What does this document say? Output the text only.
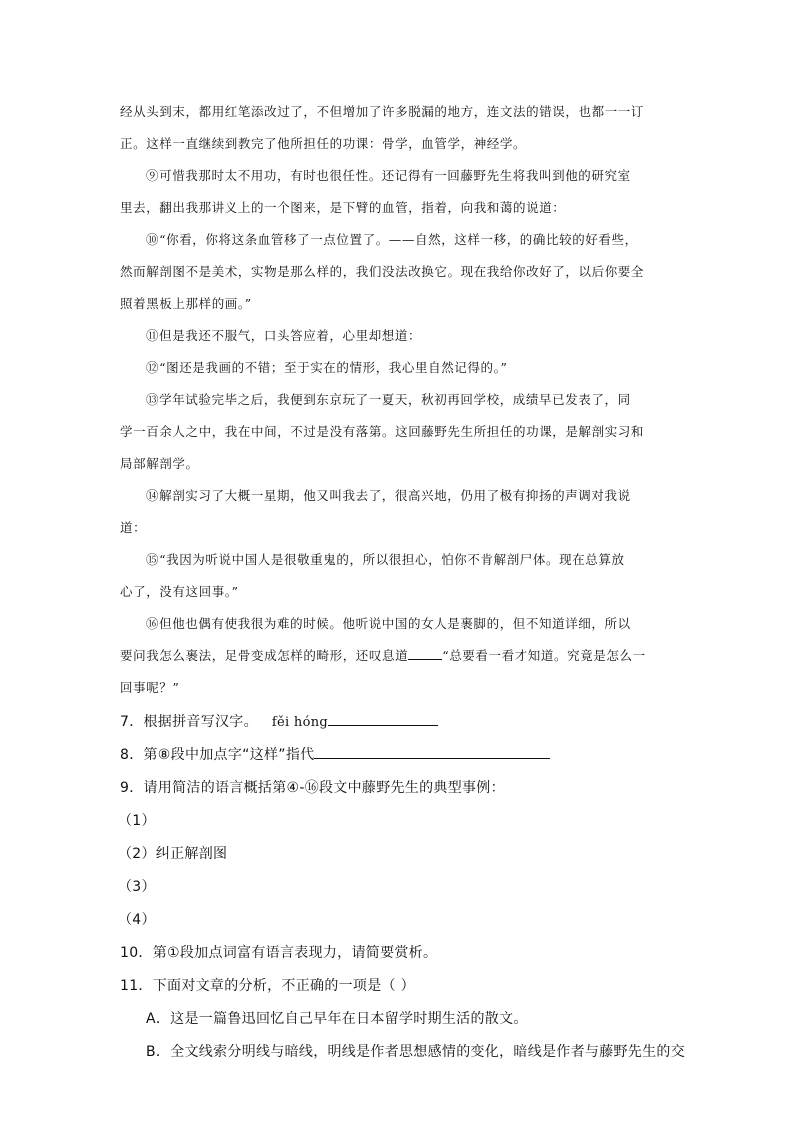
经从头到末，都用红笔添改过了，不但增加了许多脱漏的地方，连文法的错误，也都一一订
正。这样一直继续到教完了他所担任的功课：骨学，血管学，神经学。
⑨可惜我那时太不用功，有时也很任性。还记得有一回藤野先生将我叫到他的研究室
里去，翻出我那讲义上的一个图来，是下臂的血管，指着，向我和蔼的说道：
⑩“你看，你将这条血管移了一点位置了。——自然，这样一移，的确比较的好看些，
然而解剖图不是美术，实物是那么样的，我们没法改换它。现在我给你改好了，以后你要全
照着黑板上那样的画。”
⑪但是我还不服气，口头答应着，心里却想道：
⑫“图还是我画的不错；至于实在的情形，我心里自然记得的。”
⑬学年试验完毕之后，我便到东京玩了一夏天，秋初再回学校，成绩早已发表了，同
学一百余人之中，我在中间，不过是没有落第。这回藤野先生所担任的功课，是解剖实习和
局部解剖学。
⑭解剖实习了大概一星期，他又叫我去了，很高兴地，仍用了极有抑扬的声调对我说
道：
⑮“我因为听说中国人是很敬重鬼的，所以很担心，怕你不肯解剖尸体。现在总算放
心了，没有这回事。”
⑯但他也偶有使我很为难的时候。他听说中国的女人是裹脚的，但不知道详细，所以
要问我怎么裹法，足骨变成怎样的畸形，还叹息道	“总要看一看才知道。究竟是怎么一
回事呢？”
7．根据拼音写汉字。 fěi hóng
8．第⑧段中加点字“这样”指代
9．请用简洁的语言概括第④-⑯段文中藤野先生的典型事例：
（1）
（2）纠正解剖图
（3）
（4）
10．第①段加点词富有语言表现力，请简要赏析。
11．下面对文章的分析，不正确的一项是（ ）
A．这是一篇鲁迅回忆自己早年在日本留学时期生活的散文。
B．全文线索分明线与暗线，明线是作者思想感情的变化，暗线是作者与藤野先生的交
